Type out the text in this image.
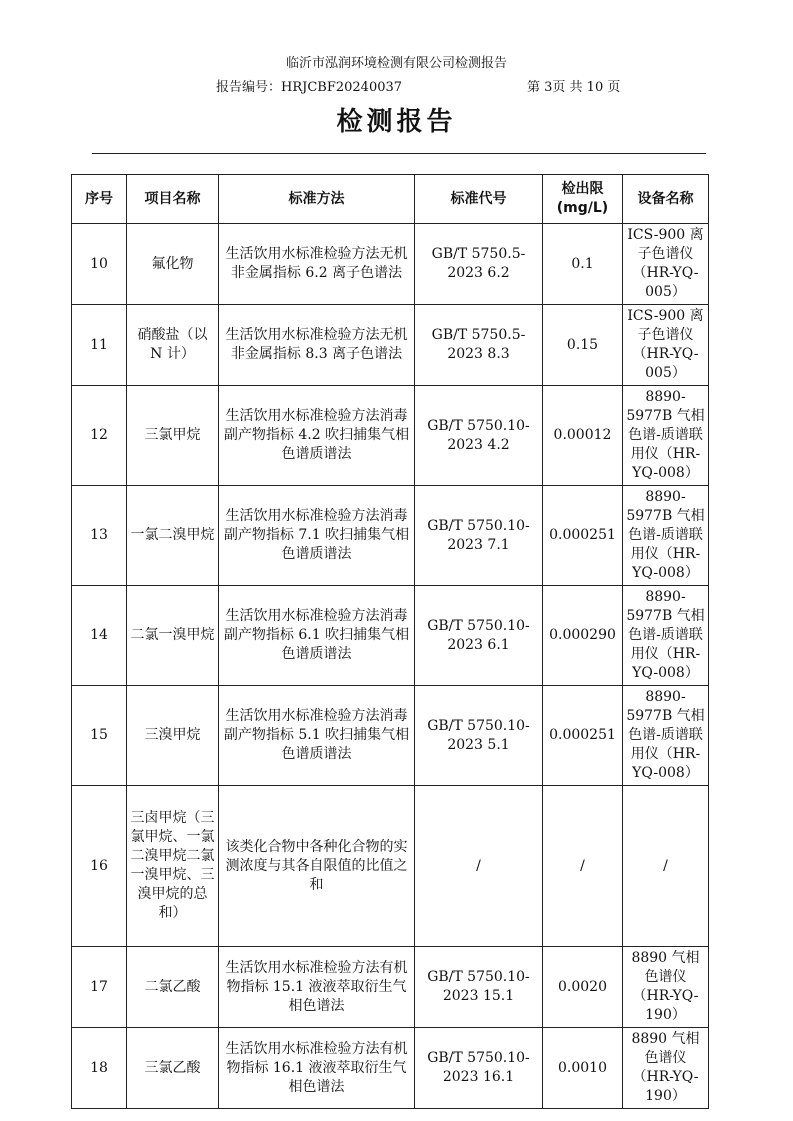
临沂市泓润环境检测有限公司检测报告
报告编号：HRJCBF20240037	第 3页 共 10 页
检测报告
序号	项目名称	标准方法	标准代号	检出限 (mg/L)	设备名称
10	氟化物	生活饮用水标准检验方法无机非金属指标 6.2 离子色谱法	GB/T 5750.5-2023 6.2	0.1	ICS-900 离子色谱仪（HR-YQ-005）
11	硝酸盐（以 N 计）	生活饮用水标准检验方法无机非金属指标 8.3 离子色谱法	GB/T 5750.5-2023 8.3	0.15	ICS-900 离子色谱仪（HR-YQ-005）
12	三氯甲烷	生活饮用水标准检验方法消毒副产物指标 4.2 吹扫捕集气相色谱质谱法	GB/T 5750.10-2023 4.2	0.00012	8890-5977B 气相色谱-质谱联用仪（HR-YQ-008）
13	一氯二溴甲烷	生活饮用水标准检验方法消毒副产物指标 7.1 吹扫捕集气相色谱质谱法	GB/T 5750.10-2023 7.1	0.000251	8890-5977B 气相色谱-质谱联用仪（HR-YQ-008）
14	二氯一溴甲烷	生活饮用水标准检验方法消毒副产物指标 6.1 吹扫捕集气相色谱质谱法	GB/T 5750.10-2023 6.1	0.000290	8890-5977B 气相色谱-质谱联用仪（HR-YQ-008）
15	三溴甲烷	生活饮用水标准检验方法消毒副产物指标 5.1 吹扫捕集气相色谱质谱法	GB/T 5750.10-2023 5.1	0.000251	8890-5977B 气相色谱-质谱联用仪（HR-YQ-008）
16	三卤甲烷（三氯甲烷、一氯二溴甲烷二氯一溴甲烷、三溴甲烷的总和）	该类化合物中各种化合物的实测浓度与其各自限值的比值之和	/	/	/
17	二氯乙酸	生活饮用水标准检验方法有机物指标 15.1 液液萃取衍生气相色谱法	GB/T 5750.10-2023 15.1	0.0020	8890 气相色谱仪（HR-YQ-190）
18	三氯乙酸	生活饮用水标准检验方法有机物指标 16.1 液液萃取衍生气相色谱法	GB/T 5750.10-2023 16.1	0.0010	8890 气相色谱仪（HR-YQ-190）
